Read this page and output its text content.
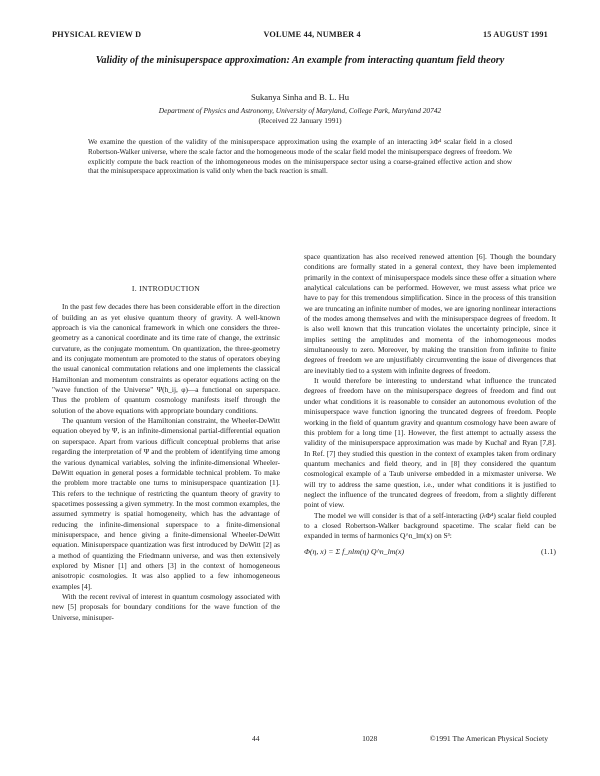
PHYSICAL REVIEW D	VOLUME 44, NUMBER 4	15 AUGUST 1991
Validity of the minisuperspace approximation: An example from interacting quantum field theory
Sukanya Sinha and B. L. Hu
Department of Physics and Astronomy, University of Maryland, College Park, Maryland 20742
(Received 22 January 1991)
We examine the question of the validity of the minisuperspace approximation using the example of an interacting λΦ⁴ scalar field in a closed Robertson-Walker universe, where the scale factor and the homogeneous mode of the scalar field model the minisuperspace degrees of freedom. We explicitly compute the back reaction of the inhomogeneous modes on the minisuperspace sector using a coarse-grained effective action and show that the minisuperspace approximation is valid only when the back reaction is small.
I. INTRODUCTION

In the past few decades there has been considerable effort in the direction of building an as yet elusive quantum theory of gravity. A well-known approach is via the canonical framework in which one considers the three-geometry as a canonical coordinate and its time rate of change, the extrinsic curvature, as the conjugate momentum. On quantization, the three-geometry and its conjugate momentum are promoted to the status of operators obeying the usual canonical commutation relations and one implements the classical Hamiltonian and momentum constraints as operator equations acting on the "wave function of the Universe" Ψ(h_ij, φ)—a functional on superspace. Thus the problem of quantum cosmology manifests itself through the solution of the above equations with appropriate boundary conditions.

The quantum version of the Hamiltonian constraint, the Wheeler-DeWitt equation obeyed by Ψ, is an infinite-dimensional partial-differential equation on superspace. Apart from various difficult conceptual problems that arise regarding the interpretation of Ψ and the problem of identifying time among the various dynamical variables, solving the infinite-dimensional Wheeler-DeWitt equation in general poses a formidable technical problem. To make the problem more tractable one turns to minisuperspace quantization [1]. This refers to the technique of restricting the quantum theory of gravity to spacetimes possessing a given symmetry. In the most common examples, the assumed symmetry is spatial homogeneity, which has the advantage of reducing the infinite-dimensional superspace to a finite-dimensional minisuperspace, and hence giving a finite-dimensional Wheeler-DeWitt equation. Minisuperspace quantization was first introduced by DeWitt [2] as a method of quantizing the Friedmann universe, and was then extensively explored by Misner [1] and others [3] in the context of homogeneous anisotropic cosmologies. It was also applied to a few inhomogeneous examples [4].

With the recent revival of interest in quantum cosmology associated with new [5] proposals for boundary conditions for the wave function of the Universe, minisuper-

space quantization has also received renewed attention [6]. Though the boundary conditions are formally stated in a general context, they have been implemented primarily in the context of minisuperspace models since these offer a situation where analytical calculations can be performed. However, we must assess what price we have to pay for this tremendous simplification. Since in the process of this transition we are truncating an infinite number of modes, we are ignoring nonlinear interactions of the modes among themselves and with the minisuperspace degrees of freedom. It is also well known that this truncation violates the uncertainty principle, since it implies setting the amplitudes and momenta of the inhomogeneous modes simultaneously to zero. Moreover, by making the transition from infinite to finite degrees of freedom we are unjustifiably circumventing the issue of divergences that are inevitably tied to a system with infinite degrees of freedom.

It would therefore be interesting to understand what influence the truncated degrees of freedom have on the minisuperspace degrees of freedom and find out under what conditions it is reasonable to consider an autonomous evolution of the minisuperspace wave function ignoring the truncated degrees of freedom. People working in the field of quantum gravity and quantum cosmology have been aware of this problem for a long time [1]. However, the first attempt to actually assess the validity of the minisuperspace approximation was made by Kuchař and Ryan [7,8]. In Ref. [7] they studied this question in the context of examples taken from ordinary quantum mechanics and field theory, and in [8] they considered the quantum cosmological example of a Taub universe embedded in a mixmaster universe. We will try to address the same question, i.e., under what conditions it is justified to neglect the influence of the truncated degrees of freedom, from a slightly different point of view.

The model we will consider is that of a self-interacting (λΦ⁴) scalar field coupled to a closed Robertson-Walker background spacetime. The scalar field can be expanded in terms of harmonics Q^n_lm(x) on S³:

Φ(η, x) = Σ f_nlm(η) Q^n_lm(x)	(1.1)
44	1028	©1991 The American Physical Society
